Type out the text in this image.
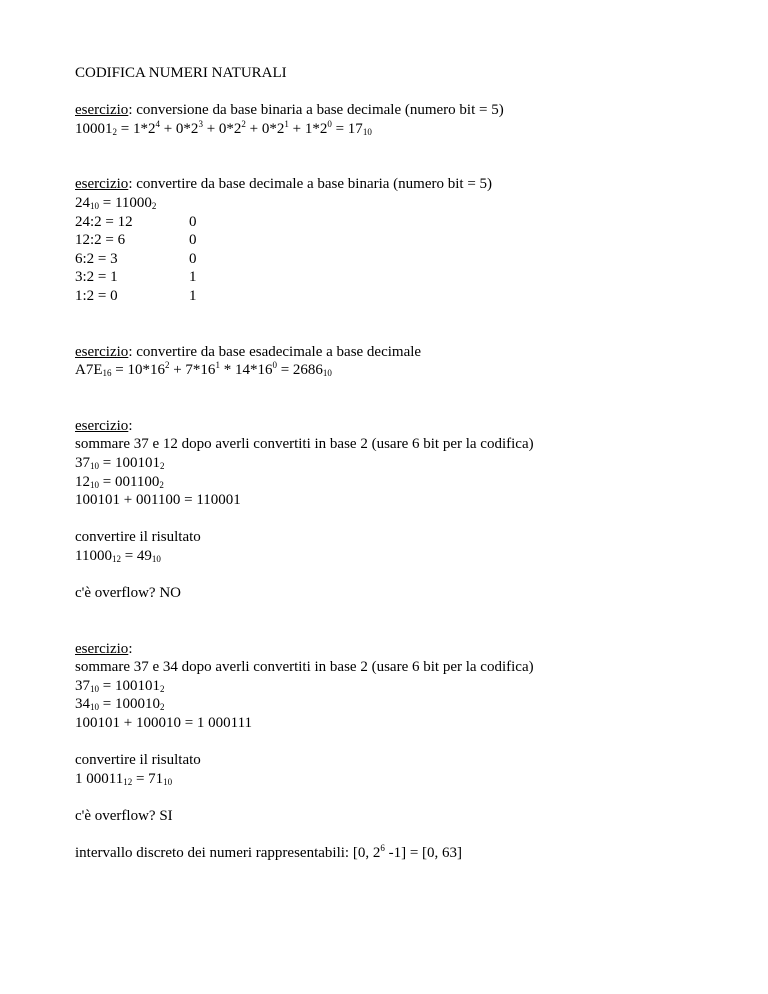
CODIFICA NUMERI NATURALI
esercizio: conversione da base binaria a base decimale (numero bit = 5)
$10001_2 = 1*2^4 + 0*2^3 + 0*2^2 + 0*2^1 + 1*2^0 = 17_{10}$
esercizio: convertire da base decimale a base binaria (numero bit = 5)
$24_{10} = 11000_2$
24:2 = 12	0
12:2 = 6	0
6:2 = 3	0
3:2 = 1	1
1:2 = 0	1
esercizio: convertire da base esadecimale a base decimale
$A7E_{16} = 10*16^2 + 7*16^1 * 14*16^0 = 2686_{10}$
esercizio:
sommare 37 e 12 dopo averli convertiti in base 2 (usare 6 bit per la codifica)
$37_{10} = 100101_2$
$12_{10} = 001100_2$
100101 + 001100 = 110001
convertire il risultato
$11000_{12} = 49_{10}$
c'è overflow? NO
esercizio:
sommare 37 e 34 dopo averli convertiti in base 2 (usare 6 bit per la codifica)
$37_{10} = 100101_2$
$34_{10} = 100010_2$
100101 + 100010 = 1 000111
convertire il risultato
1 $00011_{12} = 71_{10}$
c'è overflow? SI
intervallo discreto dei numeri rappresentabili: [0, $2^6$ -1] = [0, 63]
